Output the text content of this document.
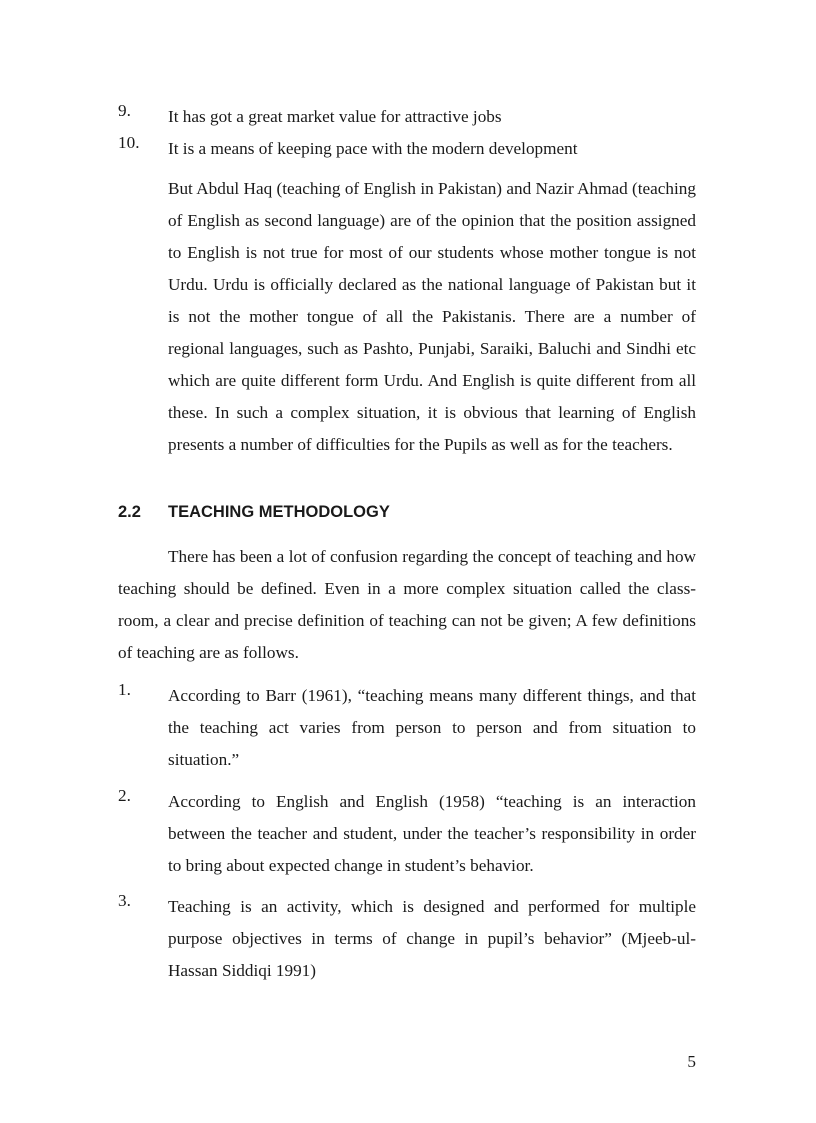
9. It has got a great market value for attractive jobs
10. It is a means of keeping pace with the modern development
But Abdul Haq (teaching of English in Pakistan) and Nazir Ahmad (teaching of English as second language) are of the opinion that the position assigned to English is not true for most of our students whose mother tongue is not Urdu. Urdu is officially declared as the national language of Pakistan but it is not the mother tongue of all the Pakistanis. There are a number of regional languages, such as Pashto, Punjabi, Saraiki, Baluchi and Sindhi etc which are quite different form Urdu. And English is quite different from all these. In such a complex situation, it is obvious that learning of English presents a number of difficulties for the Pupils as well as for the teachers.
2.2 TEACHING METHODOLOGY
There has been a lot of confusion regarding the concept of teaching and how teaching should be defined. Even in a more complex situation called the class-room, a clear and precise definition of teaching can not be given; A few definitions of teaching are as follows.
1. According to Barr (1961), “teaching means many different things, and that the teaching act varies from person to person and from situation to situation.”
2. According to English and English (1958) “teaching is an interaction between the teacher and student, under the teacher’s responsibility in order to bring about expected change in student’s behavior.
3. Teaching is an activity, which is designed and performed for multiple purpose objectives in terms of change in pupil’s behavior” (Mjeeb-ul-Hassan Siddiqi 1991)
5
